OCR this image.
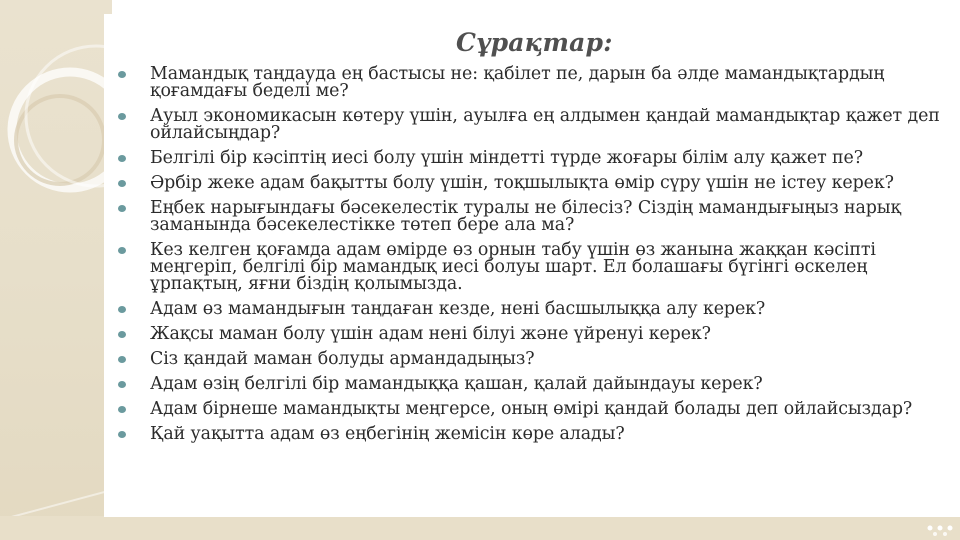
Сұрақтар:
Мамандық таңдауда ең бастысы не: қабілет пе, дарын ба әлде мамандықтардың қоғамдағы беделі ме?
Ауыл экономикасын көтеру үшін, ауылға ең алдымен қандай мамандықтар қажет деп ойлайсыңдар?
Белгілі бір кәсіптің иесі болу үшін міндетті түрде жоғары білім алу қажет пе?
Әрбір жеке адам бақытты болу үшін, тоқшылықта өмір сүру үшін не істеу керек?
Еңбек нарығындағы бәсекелестік туралы не білесіз? Сіздің мамандығыңыз нарық заманында бәсекелестікке төтеп бере ала ма?
Кез келген қоғамда адам өмірде өз орнын табу үшін өз жанына жаққан кәсіпті меңгеріп, белгілі бір мамандық иесі болуы шарт. Ел болашағы бүгінгі өскелең ұрпақтың, яғни біздің қолымызда.
Адам өз мамандығын таңдаған кезде, нені басшылыққа алу керек?
Жақсы маман болу үшін адам нені білуі және үйренуі керек?
Сіз қандай маман болуды армандадыңыз?
Адам өзің белгілі бір мамандыққа қашан, қалай дайындауы керек?
Адам бірнеше мамандықты меңгерсе, оның өмірі қандай болады деп ойлайсыздар?
Қай уақытта адам өз еңбегінің жемісін көре алады?
